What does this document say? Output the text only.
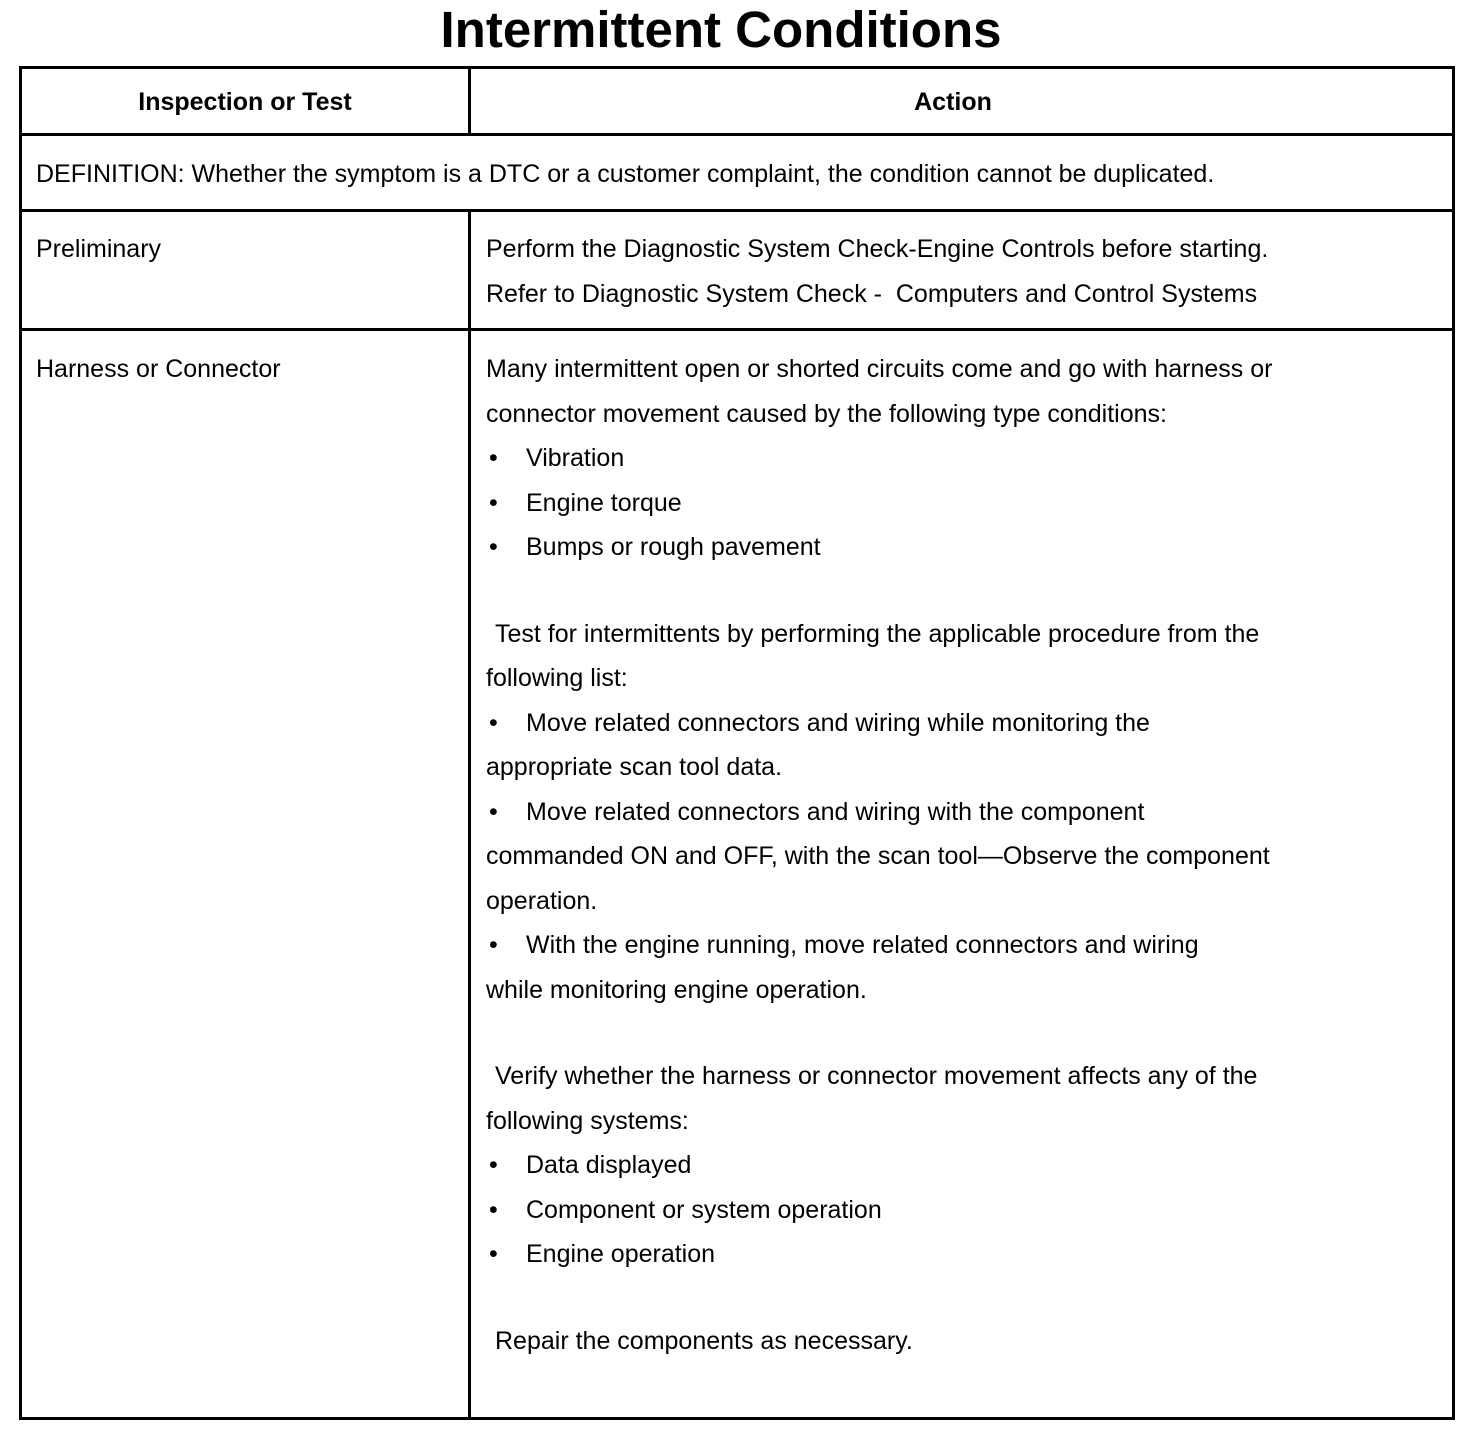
Intermittent Conditions
Inspection or Test	Action
DEFINITION: Whether the symptom is a DTC or a customer complaint, the condition cannot be duplicated.
Preliminary	Perform the Diagnostic System Check-Engine Controls before starting.
Refer to Diagnostic System Check -  Computers and Control Systems
Harness or Connector	Many intermittent open or shorted circuits come and go with harness or
connector movement caused by the following type conditions:
• Vibration
• Engine torque
• Bumps or rough pavement
Test for intermittents by performing the applicable procedure from the
following list:
• Move related connectors and wiring while monitoring the
appropriate scan tool data.
• Move related connectors and wiring with the component
commanded ON and OFF, with the scan tool—Observe the component
operation.
• With the engine running, move related connectors and wiring
while monitoring engine operation.
Verify whether the harness or connector movement affects any of the
following systems:
• Data displayed
• Component or system operation
• Engine operation
Repair the components as necessary.
